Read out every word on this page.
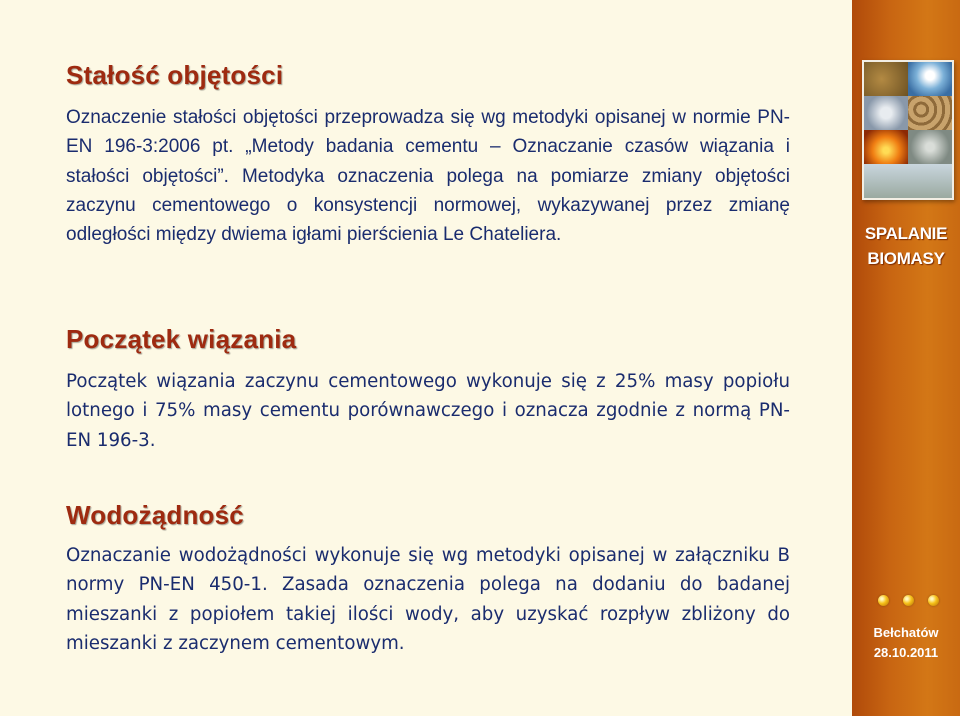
Stałość objętości

Oznaczenie stałości objętości przeprowadza się wg metodyki opisanej w normie PN-EN 196-3:2006 pt. „Metody badania cementu – Oznaczanie czasów wiązania i stałości objętości”. Metodyka oznaczenia polega na pomiarze zmiany objętości zaczynu cementowego o konsystencji normowej, wykazywanej przez zmianę odległości między dwiema igłami pierścienia Le Chateliera.

Początek wiązania

Początek wiązania zaczynu cementowego wykonuje się z 25% masy popiołu lotnego i 75% masy cementu porównawczego i oznacza zgodnie z normą PN-EN 196-3.

Wodożądność

Oznaczanie wodożądności wykonuje się wg metodyki opisanej w załączniku B normy PN-EN 450-1. Zasada oznaczenia polega na dodaniu do badanej mieszanki z popiołem takiej ilości wody, aby uzyskać rozpływ zbliżony do mieszanki z zaczynem cementowym.

SPALANIE
BIOMASY
Bełchatów
28.10.2011
